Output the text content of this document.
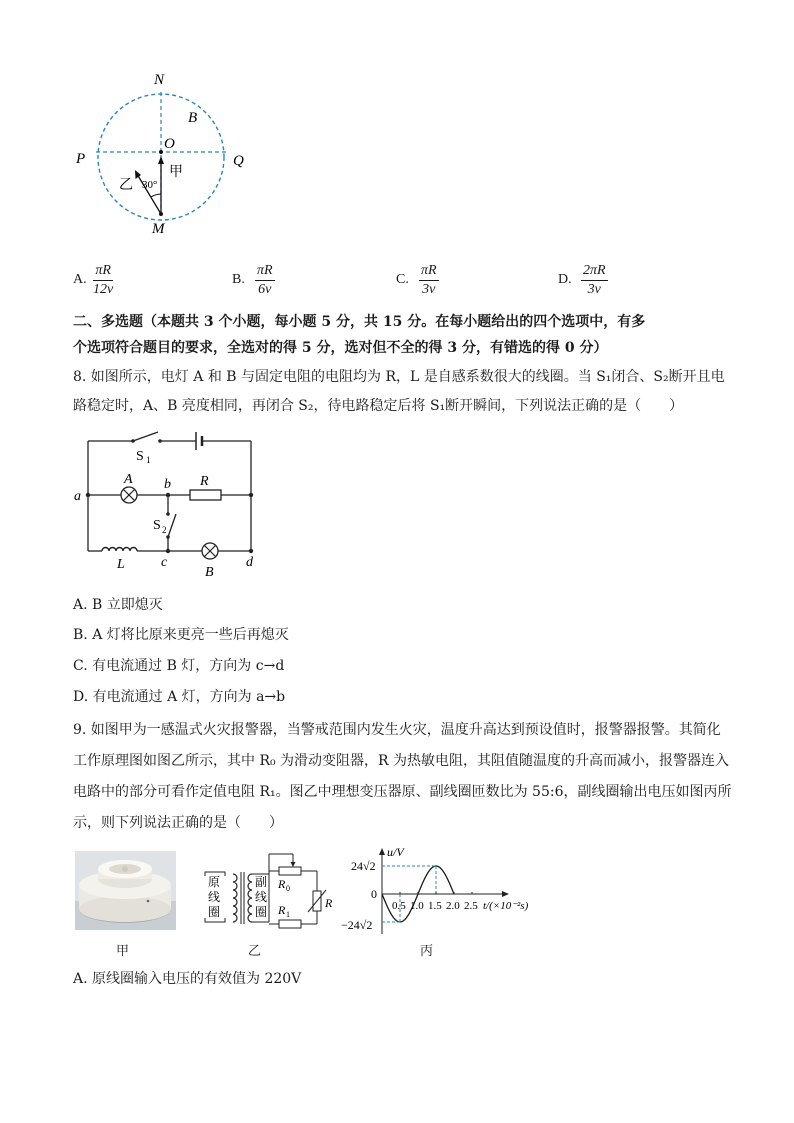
N
B
O
P	Q
甲
乙 30°
M
A. $\frac{\pi R}{12v}$	B. $\frac{\pi R}{6v}$	C. $\frac{\pi R}{3v}$	D. $\frac{2\pi R}{3v}$
二、多选题（本题共 3 个小题，每小题 5 分，共 15 分。在每小题给出的四个选项中，有多
个选项符合题目的要求，全选对的得 5 分，选对但不全的得 3 分，有错选的得 0 分）
8. 如图所示，电灯 A 和 B 与固定电阻的电阻均为 R，L 是自感系数很大的线圈。当 S₁闭合、S₂断开且电
路稳定时，A、B 亮度相同，再闭合 S₂，待电路稳定后将 S₁断开瞬间，下列说法正确的是（　　）
S 1
A b R
a
S 2
L	c
B
d
A. B 立即熄灭
B. A 灯将比原来更亮一些后再熄灭
C. 有电流通过 B 灯，方向为 c→d
D. 有电流通过 A 灯，方向为 a→b
9. 如图甲为一感温式火灾报警器，当警戒范围内发生火灾，温度升高达到预设值时，报警器报警。其简化
工作原理图如图乙所示，其中 R₀ 为滑动变阻器，R 为热敏电阻，其阻值随温度的升高而减小，报警器连入
电路中的部分可看作定值电阻 R₁。图乙中理想变压器原、副线圈匝数比为 55:6，副线圈输出电压如图丙所
示，则下列说法正确的是（　　）
原
线
圈
副
线
圈
R 0
R 1
R
u/V
t/(×10⁻²s)
24√2
0
−24√2
0.5 1.0 1.5 2.0 2.5
甲	乙	丙
A. 原线圈输入电压的有效值为 220V
